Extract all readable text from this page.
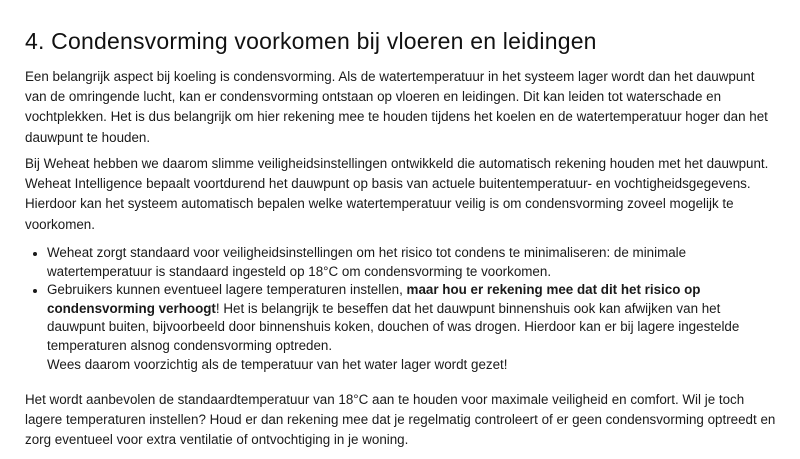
4. Condensvorming voorkomen bij vloeren en leidingen

Een belangrijk aspect bij koeling is condensvorming. Als de watertemperatuur in het systeem lager wordt dan het dauwpunt van de omringende lucht, kan er condensvorming ontstaan op vloeren en leidingen. Dit kan leiden tot waterschade en vochtplekken. Het is dus belangrijk om hier rekening mee te houden tijdens het koelen en de watertemperatuur hoger dan het dauwpunt te houden.

Bij Weheat hebben we daarom slimme veiligheidsinstellingen ontwikkeld die automatisch rekening houden met het dauwpunt. Weheat Intelligence bepaalt voortdurend het dauwpunt op basis van actuele buitentemperatuur- en vochtigheidsgegevens. Hierdoor kan het systeem automatisch bepalen welke watertemperatuur veilig is om condensvorming zoveel mogelijk te voorkomen.

• Weheat zorgt standaard voor veiligheidsinstellingen om het risico tot condens te minimaliseren: de minimale watertemperatuur is standaard ingesteld op 18°C om condensvorming te voorkomen.
• Gebruikers kunnen eventueel lagere temperaturen instellen, maar hou er rekening mee dat dit het risico op condensvorming verhoogt! Het is belangrijk te beseffen dat het dauwpunt binnenshuis ook kan afwijken van het dauwpunt buiten, bijvoorbeeld door binnenshuis koken, douchen of was drogen. Hierdoor kan er bij lagere ingestelde temperaturen alsnog condensvorming optreden.
Wees daarom voorzichtig als de temperatuur van het water lager wordt gezet!

Het wordt aanbevolen de standaardtemperatuur van 18°C aan te houden voor maximale veiligheid en comfort. Wil je toch lagere temperaturen instellen? Houd er dan rekening mee dat je regelmatig controleert of er geen condensvorming optreedt en zorg eventueel voor extra ventilatie of ontvochtiging in je woning.
